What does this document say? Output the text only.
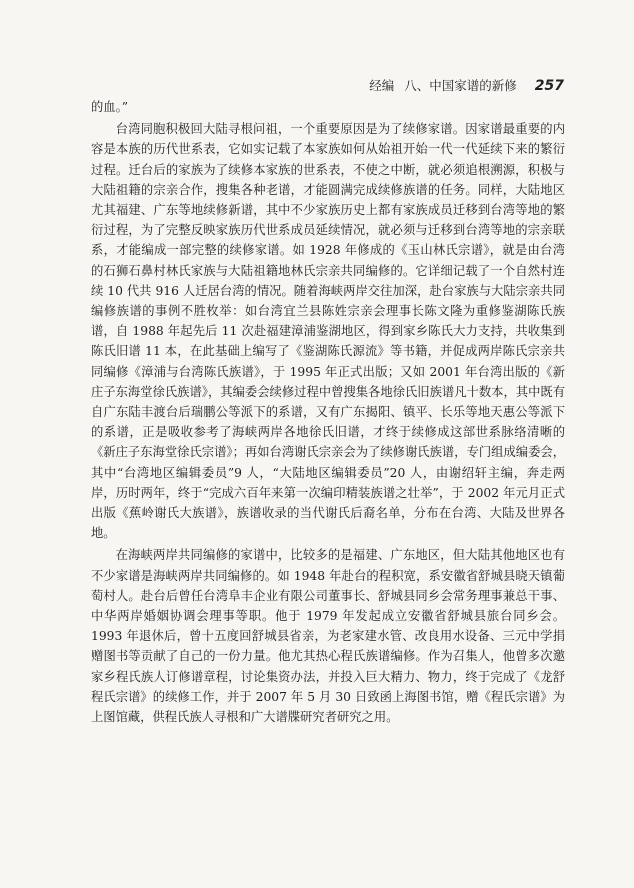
经编 八、中国家谱的新修 257

的血。”

台湾同胞积极回大陆寻根问祖，一个重要原因是为了续修家谱。因家谱最重要的内容是本族的历代世系表，它如实记载了本家族如何从始祖开始一代一代延续下来的繁衍过程。迁台后的家族为了续修本家族的世系表，不使之中断，就必须追根溯源，积极与大陆祖籍的宗亲合作，搜集各种老谱，才能圆满完成续修族谱的任务。同样，大陆地区尤其福建、广东等地续修新谱，其中不少家族历史上都有家族成员迁移到台湾等地的繁衍过程，为了完整反映家族历代世系成员延续情况，就必须与迁移到台湾等地的宗亲联系，才能编成一部完整的续修家谱。如 1928 年修成的《玉山林氏宗谱》，就是由台湾的石狮石鼻村林氏家族与大陆祖籍地林氏宗亲共同编修的。它详细记载了一个自然村连续 10 代共 916 人迁居台湾的情况。随着海峡两岸交往加深，赴台家族与大陆宗亲共同编修族谱的事例不胜枚举：如台湾宜兰县陈姓宗亲会理事长陈文隆为重修鉴湖陈氏族谱，自 1988 年起先后 11 次赴福建漳浦鉴湖地区，得到家乡陈氏大力支持，共收集到陈氏旧谱 11 本，在此基础上编写了《鉴湖陈氏源流》等书籍，并促成两岸陈氏宗亲共同编修《漳浦与台湾陈氏族谱》，于 1995 年正式出版；又如 2001 年台湾出版的《新庄子东海堂徐氏族谱》，其编委会续修过程中曾搜集各地徐氏旧族谱凡十数本，其中既有自广东陆丰渡台后瑞鹏公等派下的系谱，又有广东揭阳、镇平、长乐等地天惠公等派下的系谱，正是吸收参考了海峡两岸各地徐氏旧谱，才终于续修成这部世系脉络清晰的《新庄子东海堂徐氏宗谱》；再如台湾谢氏宗亲会为了续修谢氏族谱，专门组成编委会，其中“台湾地区编辑委员”9 人，“大陆地区编辑委员”20 人，由谢绍轩主编，奔走两岸，历时两年，终于“完成六百年来第一次编印精装族谱之壮举”，于 2002 年元月正式出版《蕉岭谢氏大族谱》，族谱收录的当代谢氏后裔名单，分布在台湾、大陆及世界各地。

在海峡两岸共同编修的家谱中，比较多的是福建、广东地区，但大陆其他地区也有不少家谱是海峡两岸共同编修的。如 1948 年赴台的程积宽，系安徽省舒城县晓天镇葡萄村人。赴台后曾任台湾阜丰企业有限公司董事长、舒城县同乡会常务理事兼总干事、中华两岸婚姻协调会理事等职。他于 1979 年发起成立安徽省舒城县旅台同乡会。1993 年退休后，曾十五度回舒城县省亲，为老家建水管、改良用水设备、三元中学捐赠图书等贡献了自己的一份力量。他尤其热心程氏族谱编修。作为召集人，他曾多次邀家乡程氏族人订修谱章程，讨论集资办法，并投入巨大精力、物力，终于完成了《龙舒程氏宗谱》的续修工作，并于 2007 年 5 月 30 日致函上海图书馆，赠《程氏宗谱》为上图馆藏，供程氏族人寻根和广大谱牒研究者研究之用。
